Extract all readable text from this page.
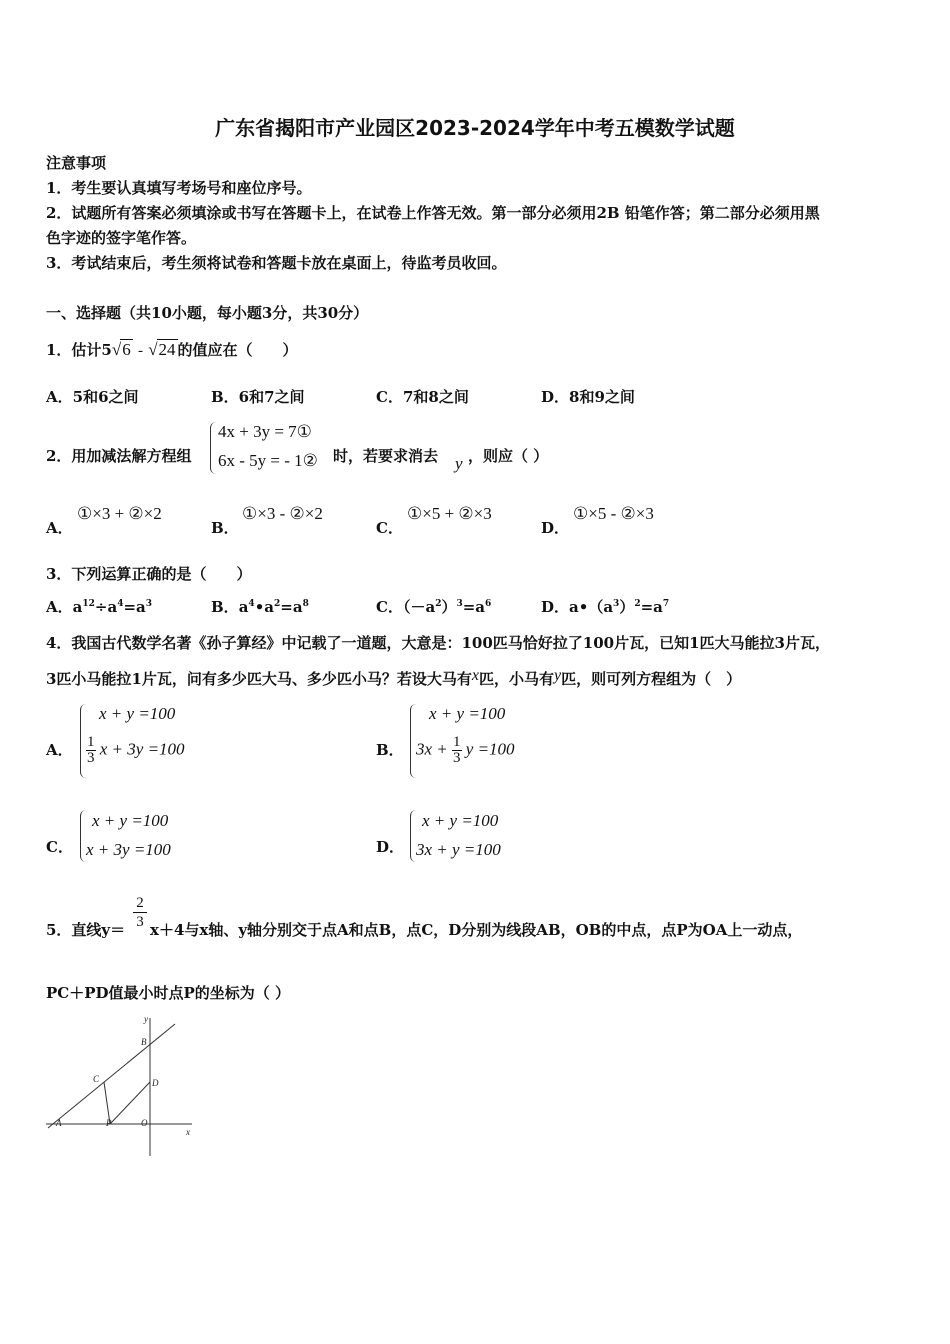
广东省揭阳市产业园区2023-2024学年中考五模数学试题
注意事项
1．考生要认真填写考场号和座位序号。
2．试题所有答案必须填涂或书写在答题卡上，在试卷上作答无效。第一部分必须用2B 铅笔作答；第二部分必须用黑
色字迹的签字笔作答。
3．考试结束后，考生须将试卷和答题卡放在桌面上，待监考员收回。
一、选择题（共10小题，每小题3分，共30分）
1．估计5√6 - √24 的值应在（　　）
A．5和6之间	B．6和7之间	C．7和8之间	D．8和9之间
2．用加减法解方程组
4x + 3y = 7①
6x - 5y = - 1② 时，若要求消去 y ，则应（ ）
A．
①×3 + ②×2
B．
①×3 - ②×2
C．
①×5 + ②×3
D．
①×5 - ②×3
3．下列运算正确的是（　　）
A．$a^{12}\div a^4=a^3$	B．$a^4•a^2=a^8$	C．$(-a^2)^3=a^6$	D．$a•(a^3)^2=a^7$
4．我国古代数学名著《孙子算经》中记载了一道题，大意是：100匹马恰好拉了100片瓦，已知1匹大马能拉3片瓦，
3匹小马能拉1片瓦，问有多少匹大马、多少匹小马？若设大马有x匹，小马有y匹，则可列方程组为（　）
A．
x + y =100
$\frac{1}{3}$ x + 3y =100	B．
x + y =100
$3x + \frac{1}{3}$ y =100
C．
x + y =100
x + 3y =100	D．
x + y =100
3x + y =100
5．直线y＝
2
3 x＋4与x轴、y轴分别交于点A和点B，点C，D分别为线段AB，OB的中点，点P为OA上一动点，
PC＋PD值最小时点P的坐标为（ ）
y
x
B
C	D
A	P	O
